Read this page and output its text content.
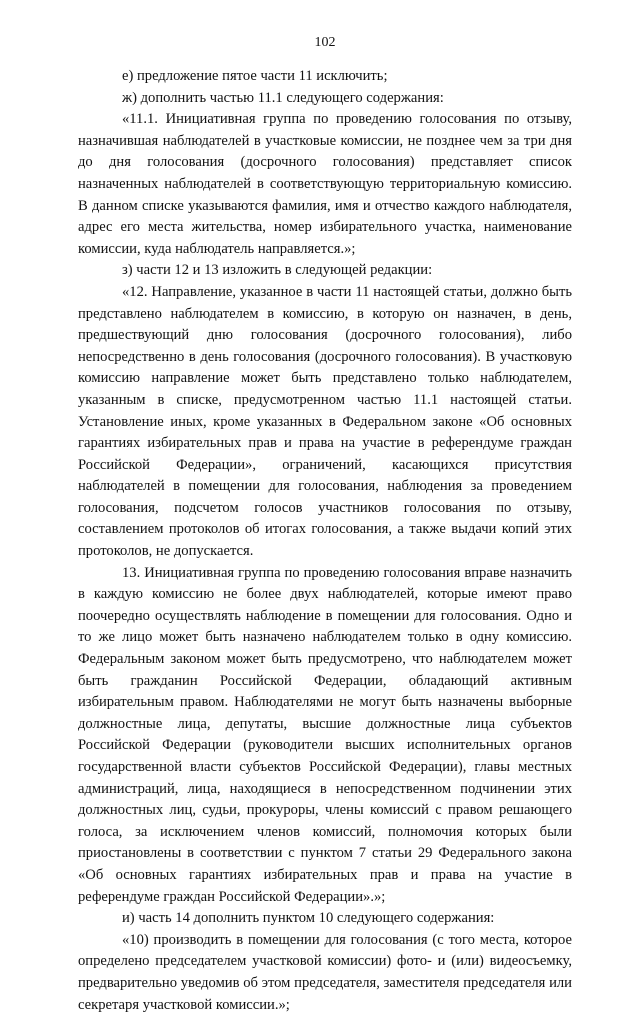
102

е) предложение пятое части 11 исключить;

ж) дополнить частью 11.1 следующего содержания:

«11.1. Инициативная группа по проведению голосования по отзыву, назначившая наблюдателей в участковые комиссии, не позднее чем за три дня до дня голосования (досрочного голосования) представляет список назначенных наблюдателей в соответствующую территориальную комиссию. В данном списке указываются фамилия, имя и отчество каждого наблюдателя, адрес его места жительства, номер избирательного участка, наименование комиссии, куда наблюдатель направляется.»;

з) части 12 и 13 изложить в следующей редакции:

«12. Направление, указанное в части 11 настоящей статьи, должно быть представлено наблюдателем в комиссию, в которую он назначен, в день, предшествующий дню голосования (досрочного голосования), либо непосредственно в день голосования (досрочного голосования). В участковую комиссию направление может быть представлено только наблюдателем, указанным в списке, предусмотренном частью 11.1 настоящей статьи. Установление иных, кроме указанных в Федеральном законе «Об основных гарантиях избирательных прав и права на участие в референдуме граждан Российской Федерации», ограничений, касающихся присутствия наблюдателей в помещении для голосования, наблюдения за проведением голосования, подсчетом голосов участников голосования по отзыву, составлением протоколов об итогах голосования, а также выдачи копий этих протоколов, не допускается.

13. Инициативная группа по проведению голосования вправе назначить в каждую комиссию не более двух наблюдателей, которые имеют право поочередно осуществлять наблюдение в помещении для голосования. Одно и то же лицо может быть назначено наблюдателем только в одну комиссию. Федеральным законом может быть предусмотрено, что наблюдателем может быть гражданин Российской Федерации, обладающий активным избирательным правом. Наблюдателями не могут быть назначены выборные должностные лица, депутаты, высшие должностные лица субъектов Российской Федерации (руководители высших исполнительных органов государственной власти субъектов Российской Федерации), главы местных администраций, лица, находящиеся в непосредственном подчинении этих должностных лиц, судьи, прокуроры, члены комиссий с правом решающего голоса, за исключением членов комиссий, полномочия которых были приостановлены в соответствии с пунктом 7 статьи 29 Федерального закона «Об основных гарантиях избирательных прав и права на участие в референдуме граждан Российской Федерации».»;

и) часть 14 дополнить пунктом 10 следующего содержания:

«10) производить в помещении для голосования (с того места, которое определено председателем участковой комиссии) фото- и (или) видеосъемку, предварительно уведомив об этом председателя, заместителя председателя или секретаря участковой комиссии.»;
